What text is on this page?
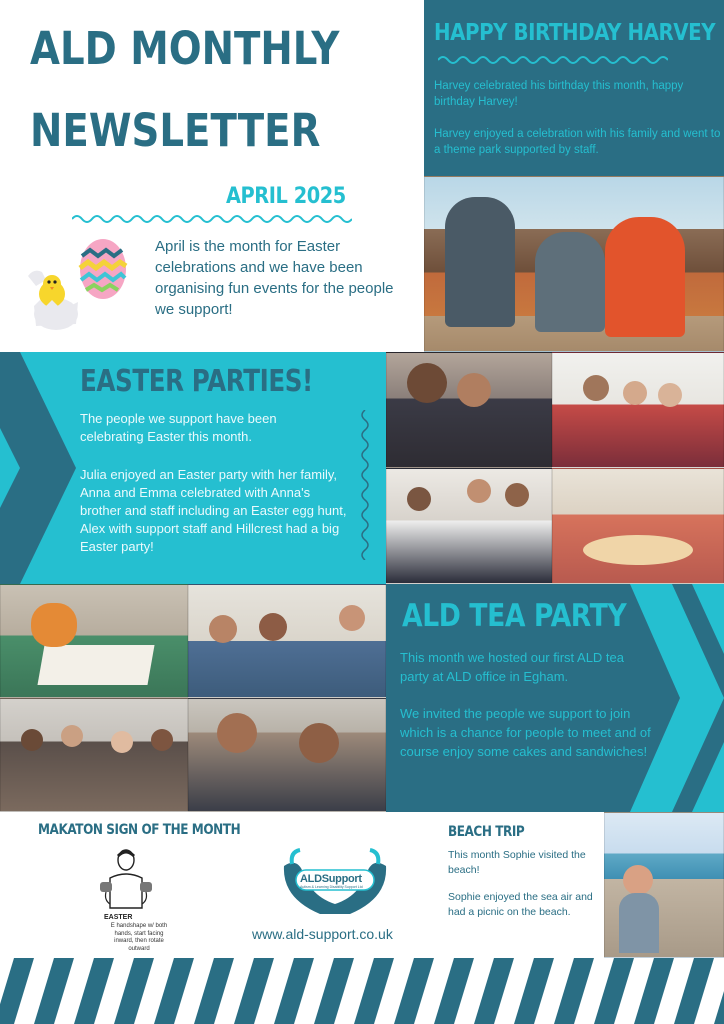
ALD MONTHLY
NEWSLETTER
APRIL 2025
April is the month for Easter celebrations and we have been organising fun events for the people we support!
HAPPY BIRTHDAY HARVEY
Harvey celebrated his birthday this month, happy birthday Harvey!
Harvey enjoyed a celebration with his family and went to a theme park supported by staff.
EASTER PARTIES!
The people we support have been celebrating Easter this month.
Julia enjoyed an Easter party with her family, Anna and Emma celebrated with Anna's brother and staff including an Easter egg hunt, Alex with support staff and Hillcrest had a big Easter party!
ALD TEA PARTY
This month we hosted our first ALD tea party at ALD office in Egham.
We invited the people we support to join which is a chance for people to meet and of course enjoy some cakes and sandwiches!
MAKATON SIGN OF THE MONTH
EASTER
E handshape w/ both hands, start facing inward, then rotate outward
ALDSupport
Autism & Learning Disability Support Ltd
www.ald-support.co.uk
BEACH TRIP
This month Sophie visited the beach!
Sophie enjoyed the sea air and had a picnic on the beach.
